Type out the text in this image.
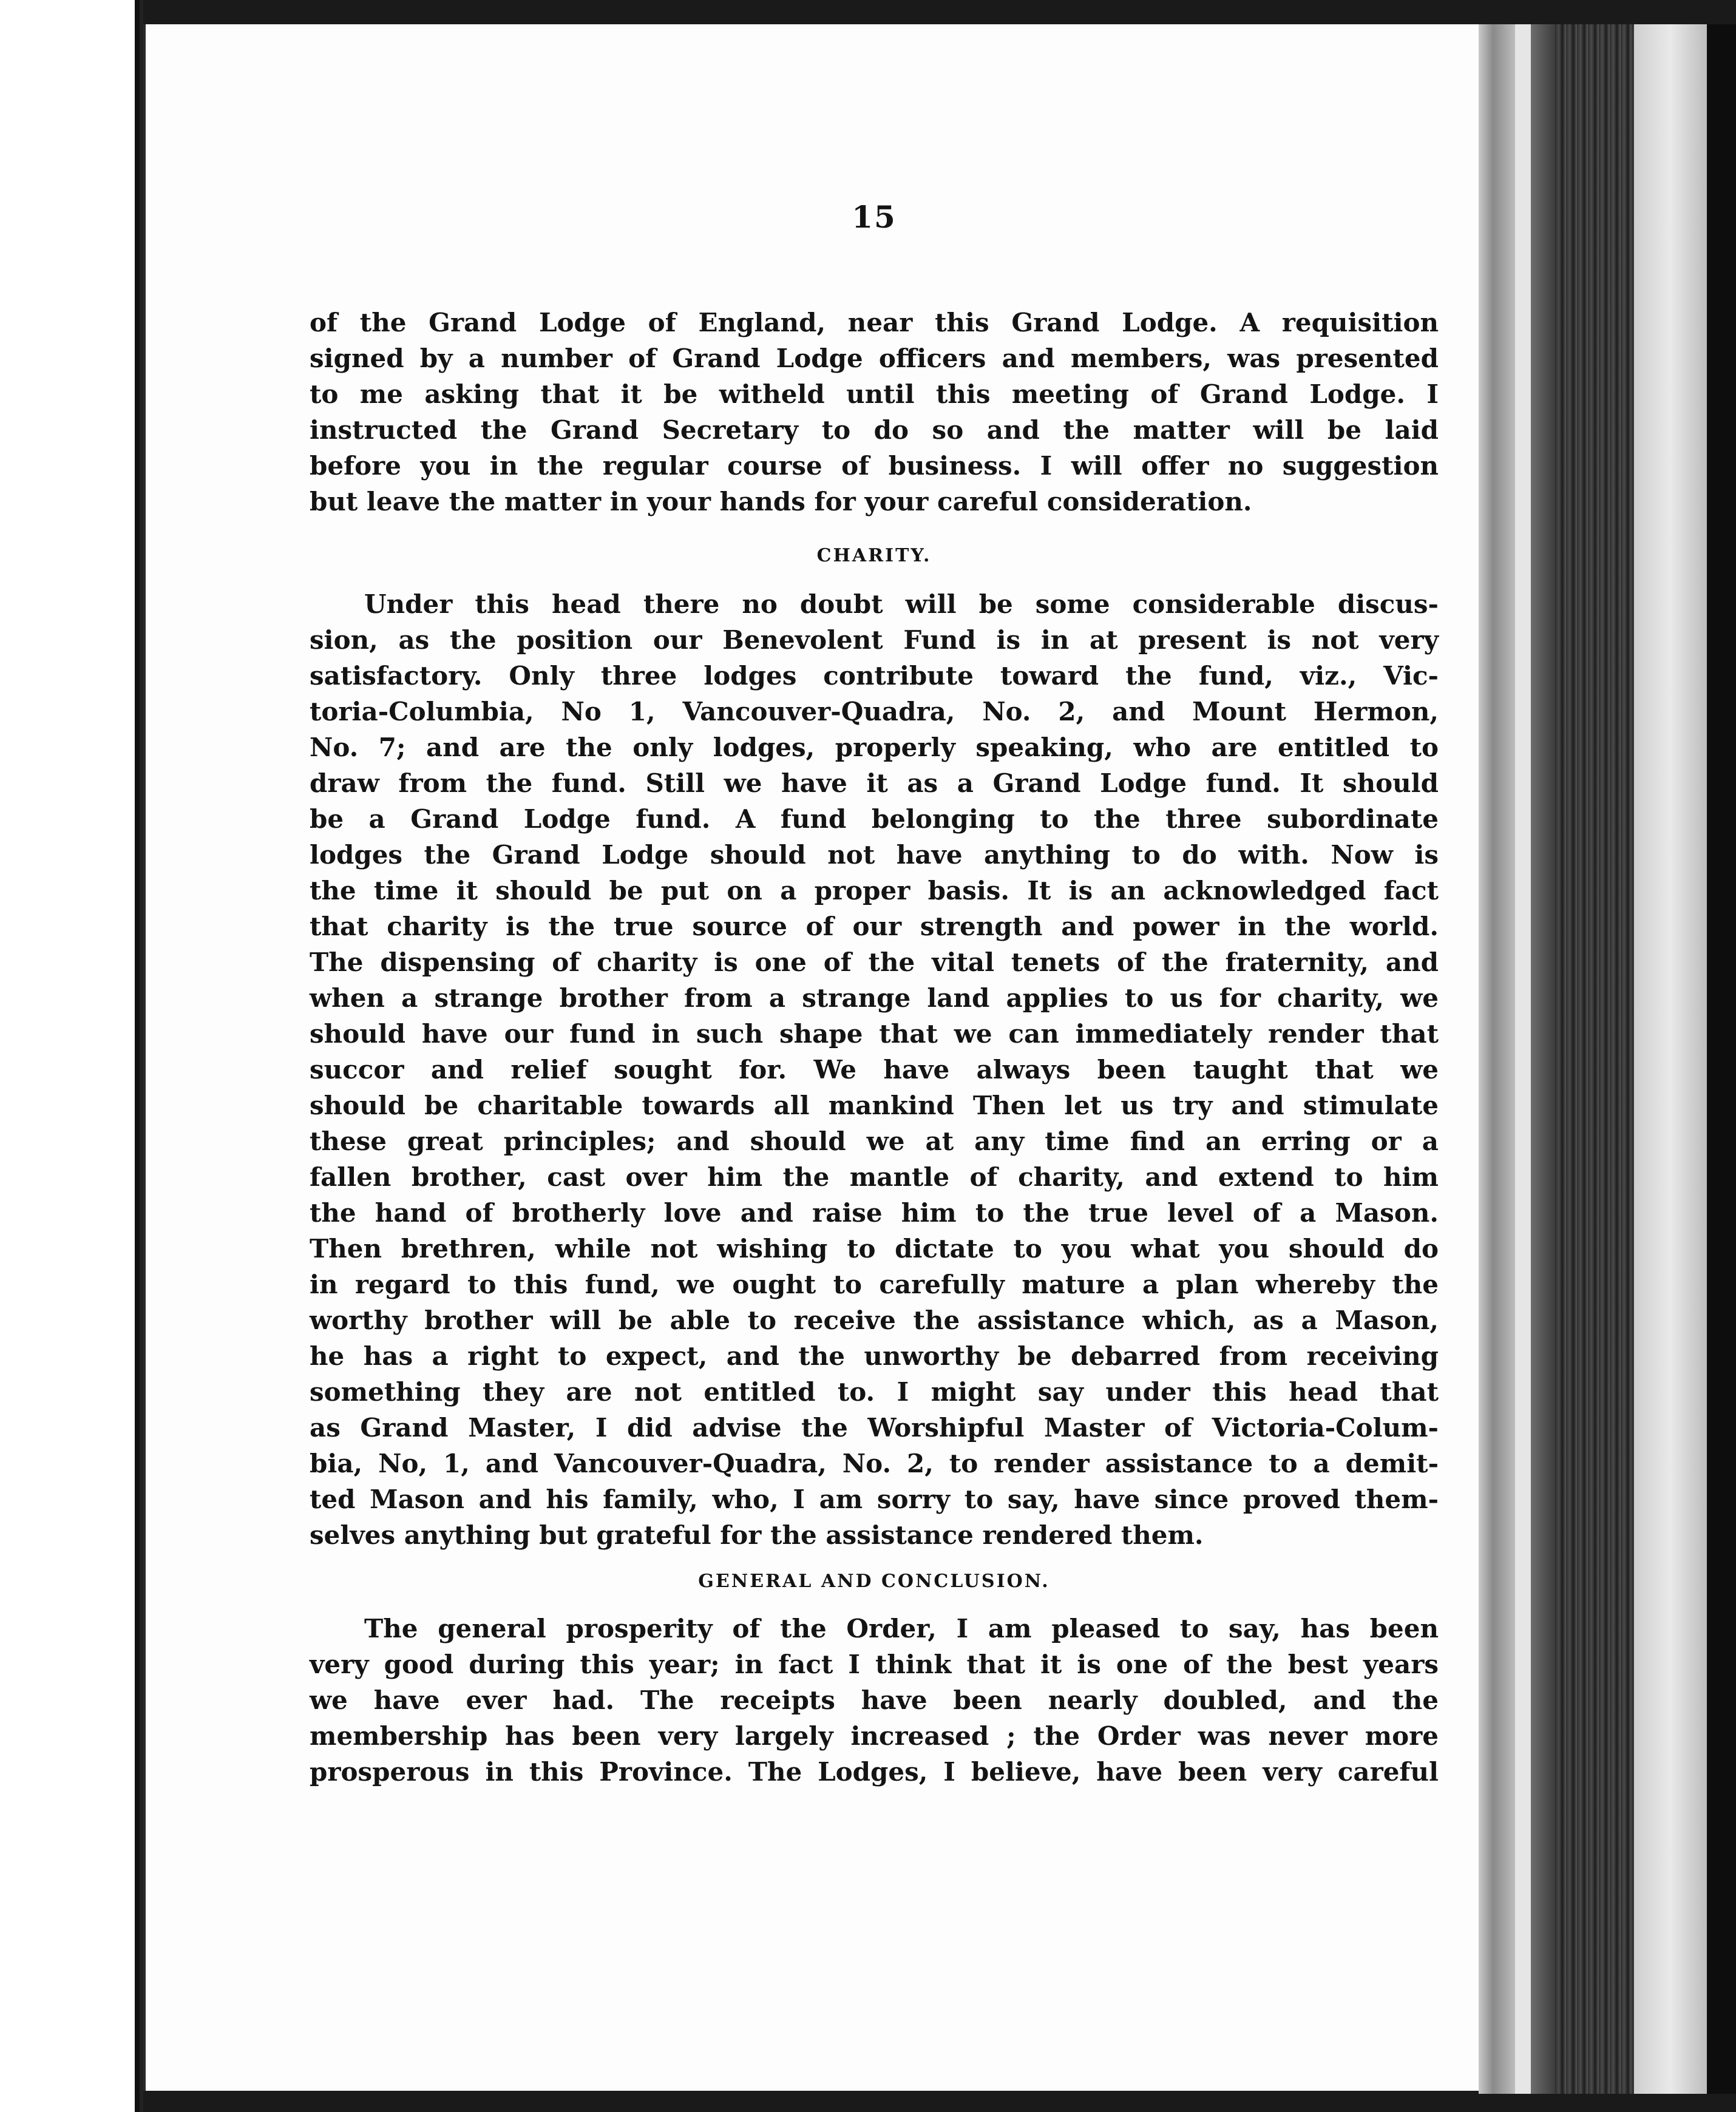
15
of the Grand Lodge of England, near this Grand Lodge. A requisition
signed by a number of Grand Lodge officers and members, was presented
to me asking that it be witheld until this meeting of Grand Lodge. I
instructed the Grand Secretary to do so and the matter will be laid
before you in the regular course of business. I will offer no suggestion
but leave the matter in your hands for your careful consideration.
CHARITY.
Under this head there no doubt will be some considerable discus-
sion, as the position our Benevolent Fund is in at present is not very
satisfactory. Only three lodges contribute toward the fund, viz., Vic-
toria-Columbia, No 1, Vancouver-Quadra, No. 2, and Mount Hermon,
No. 7; and are the only lodges, properly speaking, who are entitled to
draw from the fund. Still we have it as a Grand Lodge fund. It should
be a Grand Lodge fund. A fund belonging to the three subordinate
lodges the Grand Lodge should not have anything to do with. Now is
the time it should be put on a proper basis. It is an acknowledged fact
that charity is the true source of our strength and power in the world.
The dispensing of charity is one of the vital tenets of the fraternity, and
when a strange brother from a strange land applies to us for charity, we
should have our fund in such shape that we can immediately render that
succor and relief sought for. We have always been taught that we
should be charitable towards all mankind Then let us try and stimulate
these great principles; and should we at any time find an erring or a
fallen brother, cast over him the mantle of charity, and extend to him
the hand of brotherly love and raise him to the true level of a Mason.
Then brethren, while not wishing to dictate to you what you should do
in regard to this fund, we ought to carefully mature a plan whereby the
worthy brother will be able to receive the assistance which, as a Mason,
he has a right to expect, and the unworthy be debarred from receiving
something they are not entitled to. I might say under this head that
as Grand Master, I did advise the Worshipful Master of Victoria-Colum-
bia, No, 1, and Vancouver-Quadra, No. 2, to render assistance to a demit-
ted Mason and his family, who, I am sorry to say, have since proved them-
selves anything but grateful for the assistance rendered them.
GENERAL AND CONCLUSION.
The general prosperity of the Order, I am pleased to say, has been
very good during this year; in fact I think that it is one of the best years
we have ever had. The receipts have been nearly doubled, and the
membership has been very largely increased ; the Order was never more
prosperous in this Province. The Lodges, I believe, have been very careful
